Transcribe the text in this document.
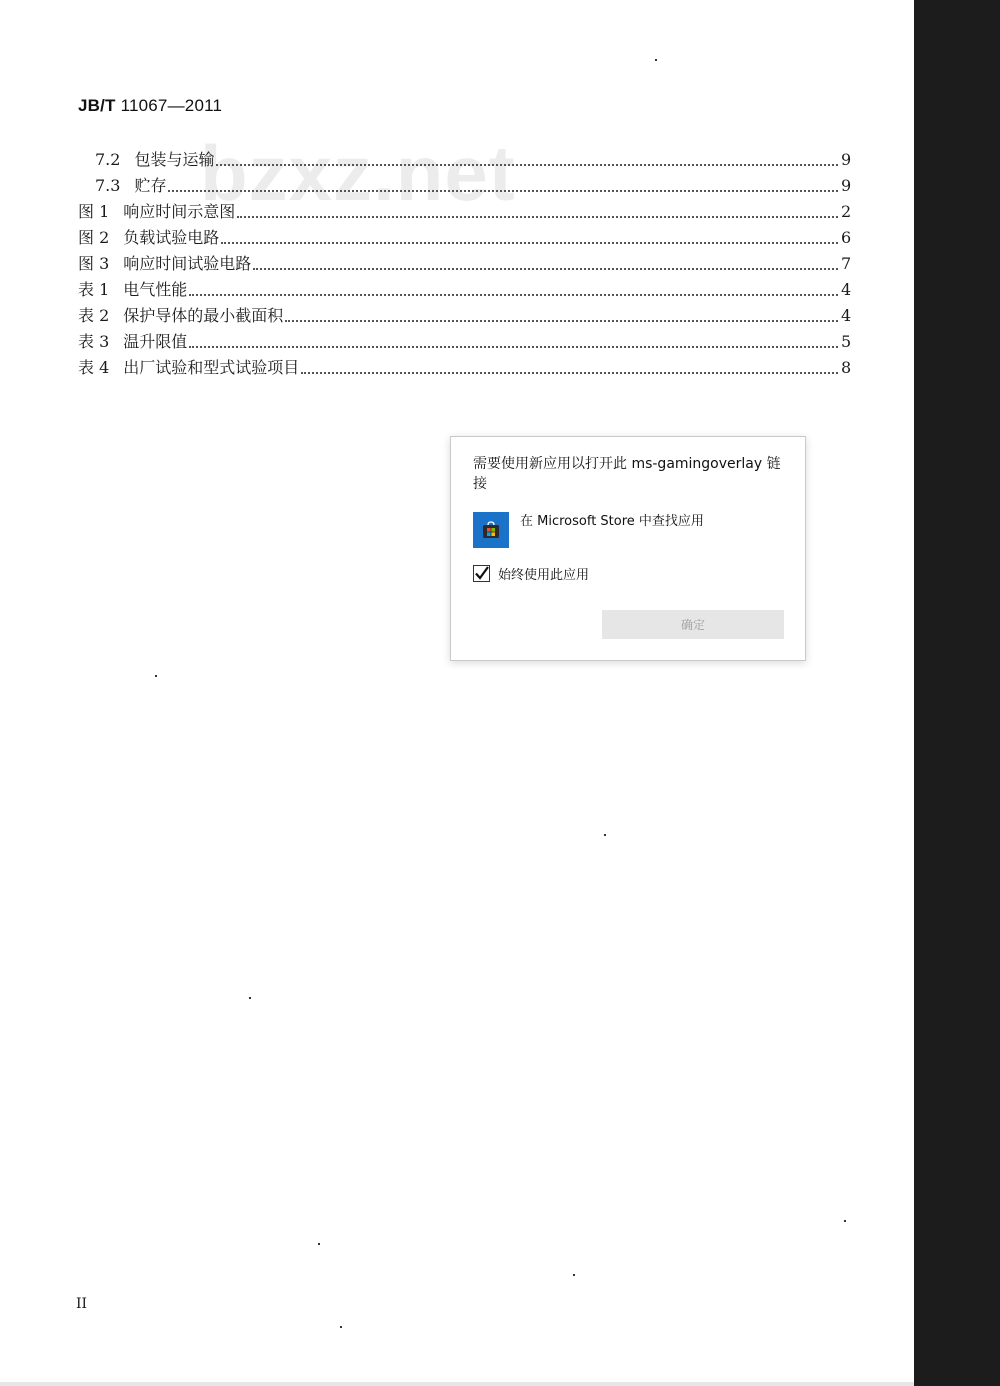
JB/T 11067—2011
bzxz.net
7.2 包装与运输	9
7.3 贮存	9
图 1 响应时间示意图	2
图 2 负载试验电路	6
图 3 响应时间试验电路	7
表 1 电气性能	4
表 2 保护导体的最小截面积	4
表 3 温升限值	5
表 4 出厂试验和型式试验项目	8
II
需要使用新应用以打开此 ms-gamingoverlay 链接
在 Microsoft Store 中查找应用
始终使用此应用
确定
